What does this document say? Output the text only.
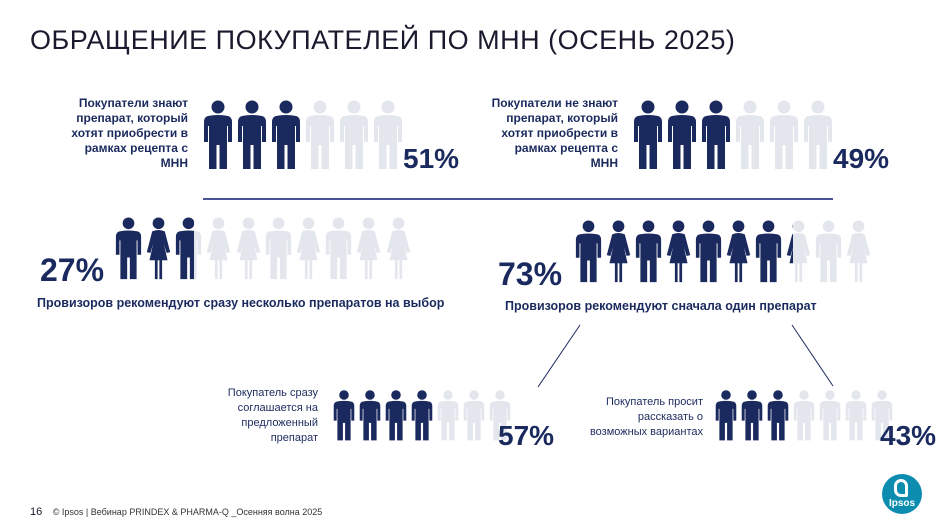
ОБРАЩЕНИЕ ПОКУПАТЕЛЕЙ ПО МНН (ОСЕНЬ 2025)
Покупатели знают
препарат, который
хотят приобрести в
рамках рецепта с
МНН	51%
Покупатели не знают
препарат, который
хотят приобрести в
рамках рецепта с
МНН	49%
27%
Провизоров рекомендуют сразу несколько препаратов на выбор
73%
Провизоров рекомендуют сначала один препарат
Покупатель сразу
соглашается на
предложенный
препарат	57%
Покупатель просит
рассказать о
возможных вариантах	43%
16 © Ipsos | Вебинар PRINDEX & PHARMA-Q _Осенняя волна 2025
Ipsos
